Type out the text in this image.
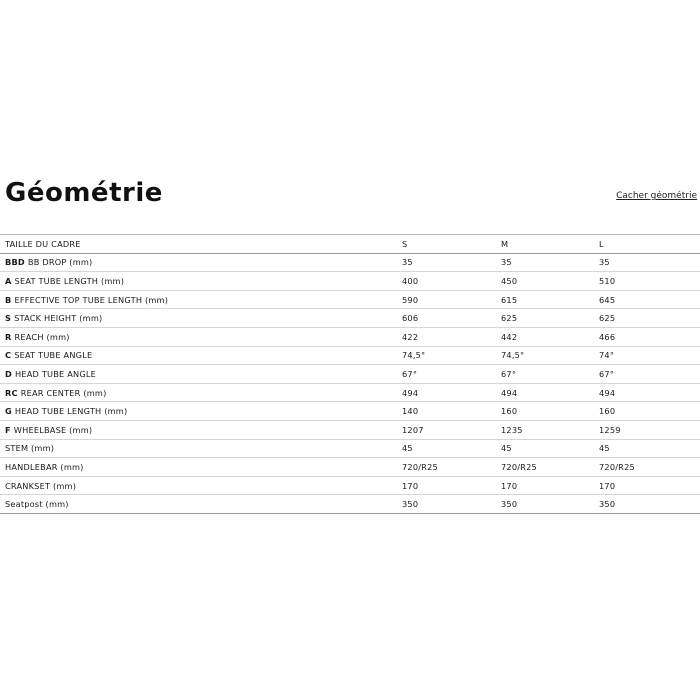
Géométrie	Cacher géométrie
TAILLE DU CADRE	S	M	L
BBD BB DROP (mm)	35	35	35
A SEAT TUBE LENGTH (mm)	400	450	510
B EFFECTIVE TOP TUBE LENGTH (mm)	590	615	645
S STACK HEIGHT (mm)	606	625	625
R REACH (mm)	422	442	466
C SEAT TUBE ANGLE	74,5°	74,5°	74°
D HEAD TUBE ANGLE	67°	67°	67°
RC REAR CENTER (mm)	494	494	494
G HEAD TUBE LENGTH (mm)	140	160	160
F WHEELBASE (mm)	1207	1235	1259
STEM (mm)	45	45	45
HANDLEBAR (mm)	720/R25	720/R25	720/R25
CRANKSET (mm)	170	170	170
Seatpost (mm)	350	350	350
